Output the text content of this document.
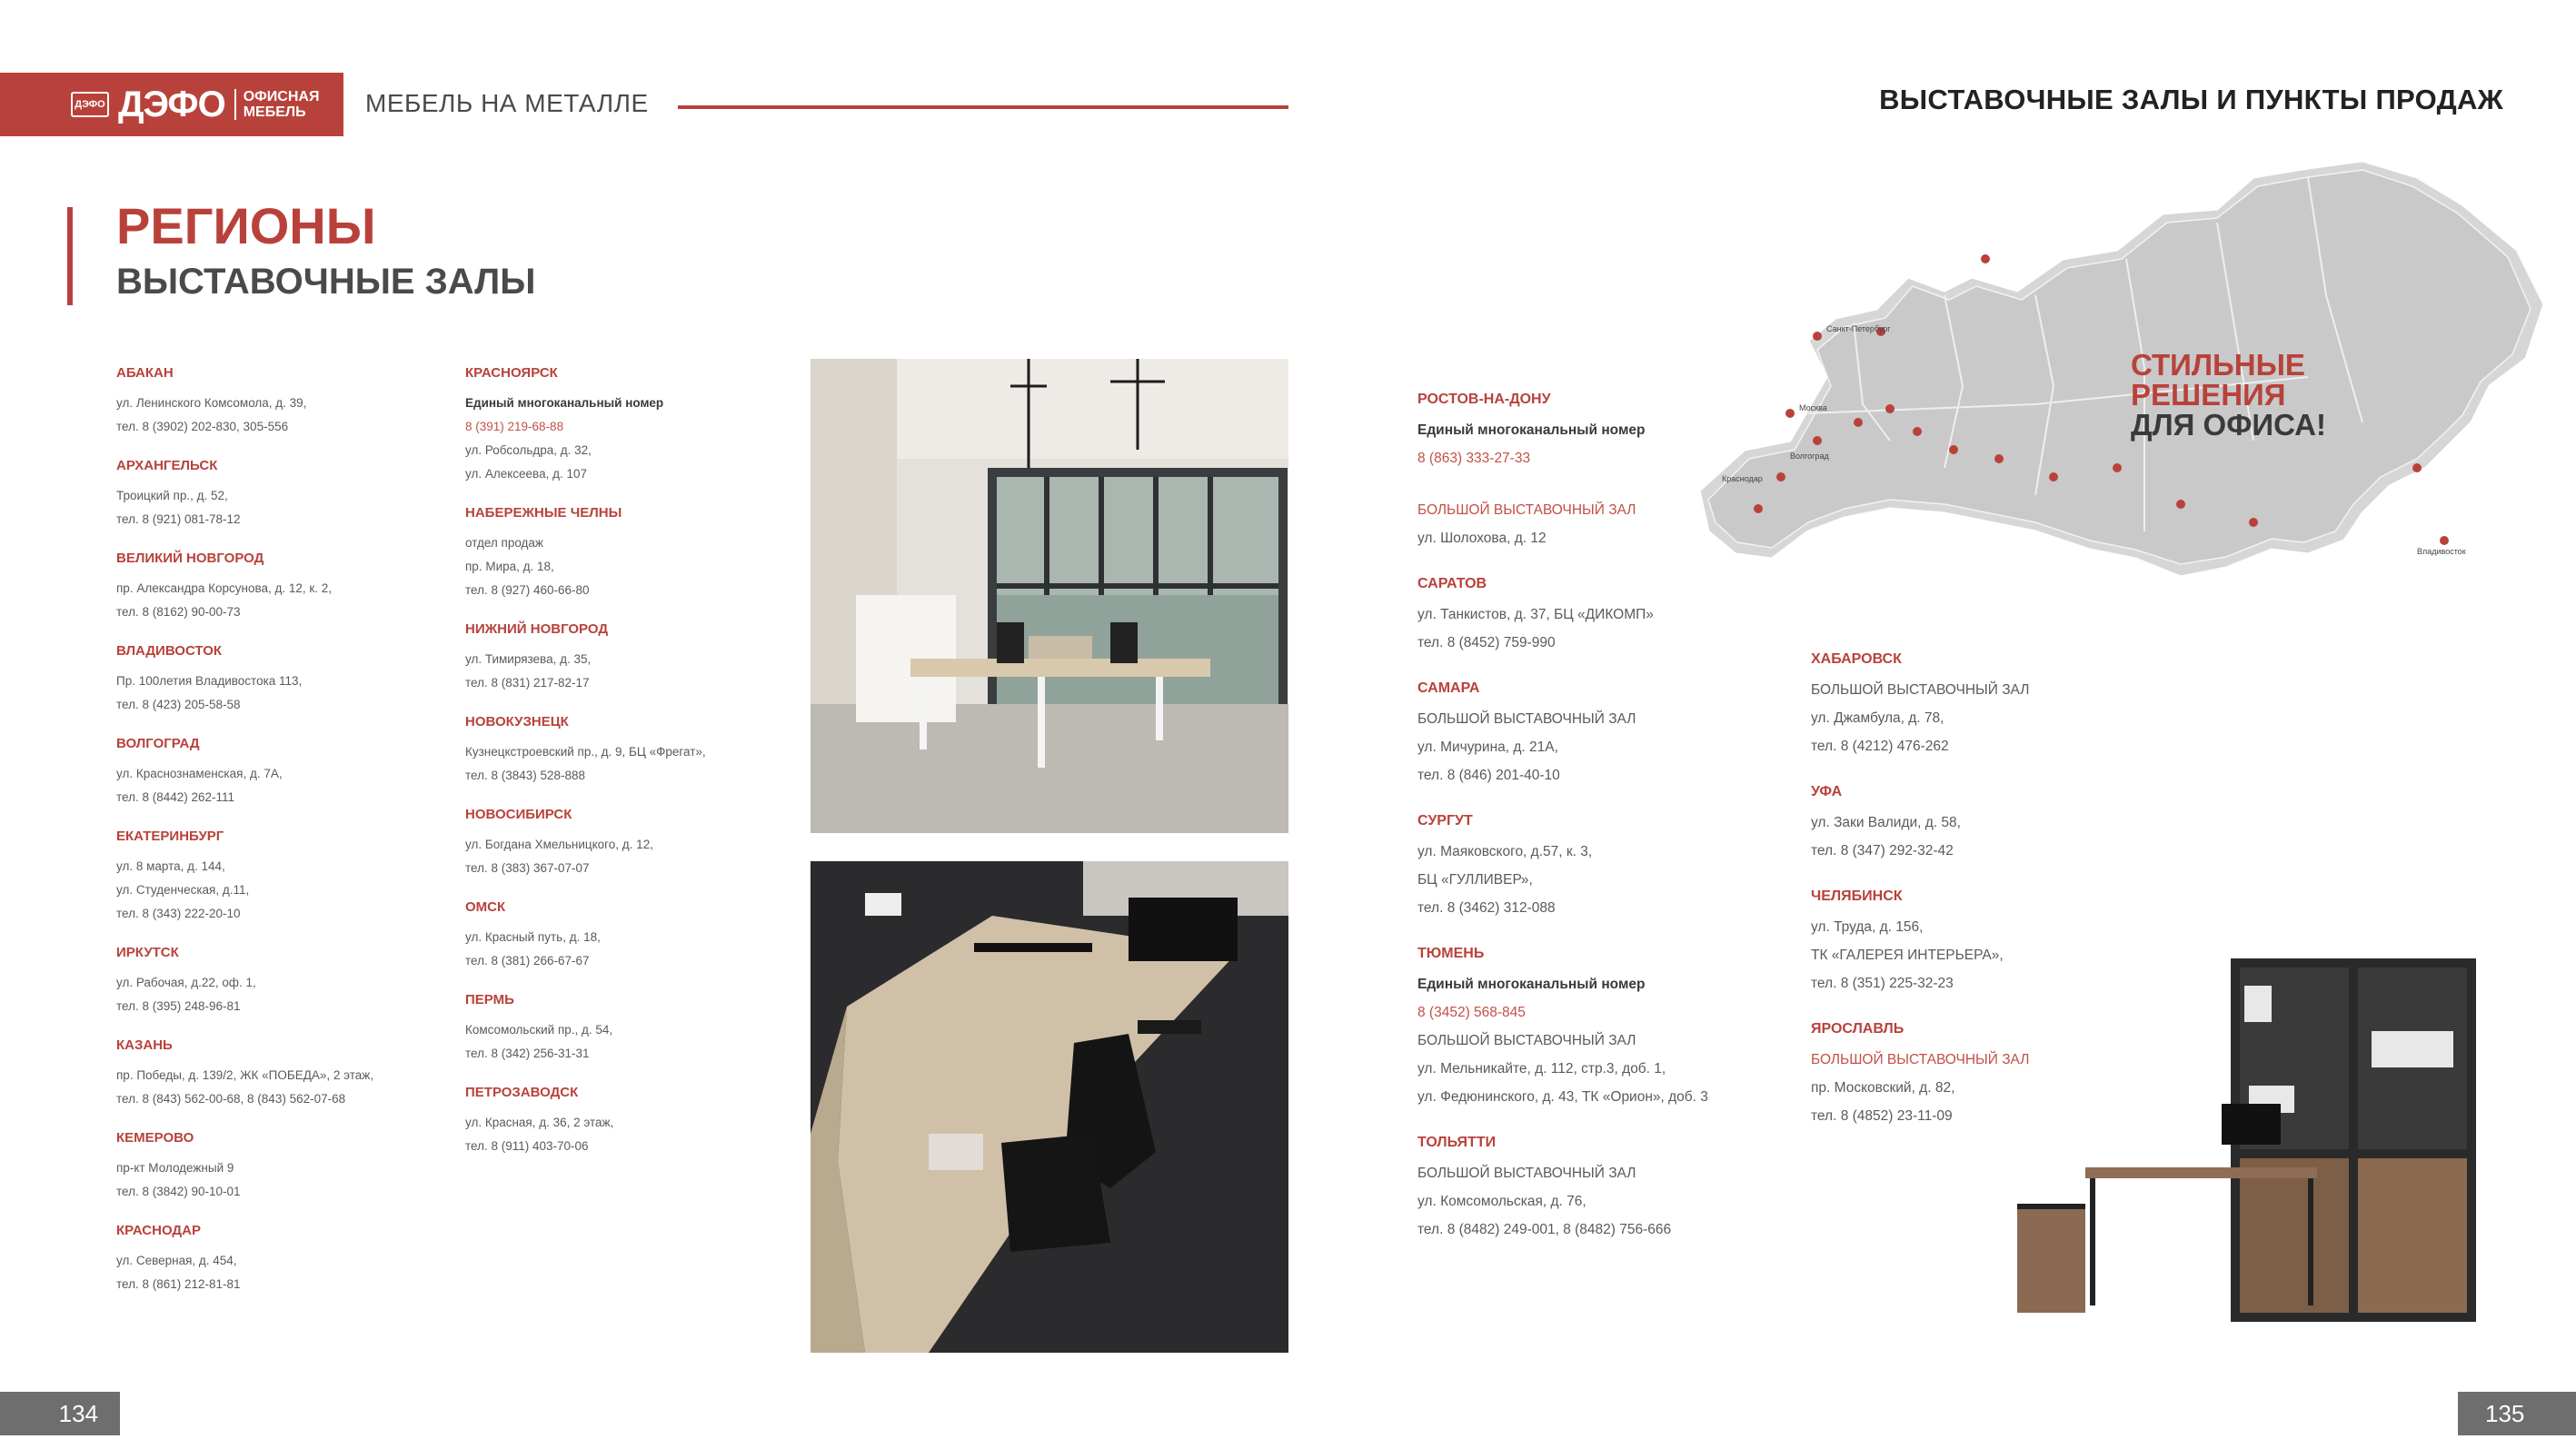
ДЭФО ДЭФО	ОФИСНАЯ МЕБЕЛЬ	МЕБЕЛЬ НА МЕТАЛЛЕ	ВЫСТАВОЧНЫЕ ЗАЛЫ И ПУНКТЫ ПРОДАЖ
РЕГИОНЫ
ВЫСТАВОЧНЫЕ ЗАЛЫ
АБАКАН
ул. Ленинского Комсомола, д. 39,
тел. 8 (3902) 202-830, 305-556
АРХАНГЕЛЬСК
Троицкий пр., д. 52,
тел. 8 (921) 081-78-12
ВЕЛИКИЙ НОВГОРОД
пр. Александра Корсунова, д. 12, к. 2,
тел. 8 (8162) 90-00-73
ВЛАДИВОСТОК
Пр. 100летия Владивостока 113,
тел. 8 (423) 205-58-58
ВОЛГОГРАД
ул. Краснознаменская, д. 7А,
тел. 8 (8442) 262-111
ЕКАТЕРИНБУРГ
ул. 8 марта, д. 144,
ул. Студенческая, д.11,
тел. 8 (343) 222-20-10
ИРКУТСК
ул. Рабочая, д.22, оф. 1,
тел. 8 (395) 248-96-81
КАЗАНЬ
пр. Победы, д. 139/2, ЖК «ПОБЕДА», 2 этаж,
тел. 8 (843) 562-00-68, 8 (843) 562-07-68
КЕМЕРОВО
пр-кт Молодежный 9
тел. 8 (3842) 90-10-01
КРАСНОДАР
ул. Северная, д. 454,
тел. 8 (861) 212-81-81
КРАСНОЯРСК
Единый многоканальный номер
8 (391) 219-68-88
ул. Робсольдра, д. 32,
ул. Алексеева, д. 107
НАБЕРЕЖНЫЕ ЧЕЛНЫ
отдел продаж
пр. Мира, д. 18,
тел. 8 (927) 460-66-80
НИЖНИЙ НОВГОРОД
ул. Тимирязева, д. 35,
тел. 8 (831) 217-82-17
НОВОКУЗНЕЦК
Кузнецкстроевский пр., д. 9, БЦ «Фрегат»,
тел. 8 (3843) 528-888
НОВОСИБИРСК
ул. Богдана Хмельницкого, д. 12,
тел. 8 (383) 367-07-07
ОМСК
ул. Красный путь, д. 18,
тел. 8 (381) 266-67-67
ПЕРМЬ
Комсомольский пр., д. 54,
тел. 8 (342) 256-31-31
ПЕТРОЗАВОДСК
ул. Красная, д. 36, 2 этаж,
тел. 8 (911) 403-70-06
РОСТОВ-НА-ДОНУ
Единый многоканальный номер
8 (863) 333-27-33
БОЛЬШОЙ ВЫСТАВОЧНЫЙ ЗАЛ
ул. Шолохова, д. 12
САРАТОВ
ул. Танкистов, д. 37, БЦ «ДИКОМП»
тел. 8 (8452) 759-990
САМАРА
БОЛЬШОЙ ВЫСТАВОЧНЫЙ ЗАЛ
ул. Мичурина, д. 21А,
тел. 8 (846) 201-40-10
СУРГУТ
ул. Маяковского, д.57, к. 3,
БЦ «ГУЛЛИВЕР»,
тел. 8 (3462) 312-088
ТЮМЕНЬ
Единый многоканальный номер
8 (3452) 568-845
БОЛЬШОЙ ВЫСТАВОЧНЫЙ ЗАЛ
ул. Мельникайте, д. 112, стр.3, доб. 1,
ул. Федюнинского, д. 43, ТК «Орион», доб. 3
ТОЛЬЯТТИ
БОЛЬШОЙ ВЫСТАВОЧНЫЙ ЗАЛ
ул. Комсомольская, д. 76,
тел. 8 (8482) 249-001, 8 (8482) 756-666
ХАБАРОВСК
БОЛЬШОЙ ВЫСТАВОЧНЫЙ ЗАЛ
ул. Джамбула, д. 78,
тел. 8 (4212) 476-262
УФА
ул. Заки Валиди, д. 58,
тел. 8 (347) 292-32-42
ЧЕЛЯБИНСК
ул. Труда, д. 156,
ТК «ГАЛЕРЕЯ ИНТЕРЬЕРА»,
тел. 8 (351) 225-32-23
ЯРОСЛАВЛЬ
БОЛЬШОЙ ВЫСТАВОЧНЫЙ ЗАЛ
пр. Московский, д. 82,
тел. 8 (4852) 23-11-09
Санкт-Петербург
Москва
Краснодар
Волгоград
Владивосток
СТИЛЬНЫЕ
РЕШЕНИЯ
ДЛЯ ОФИСА!
134	135
